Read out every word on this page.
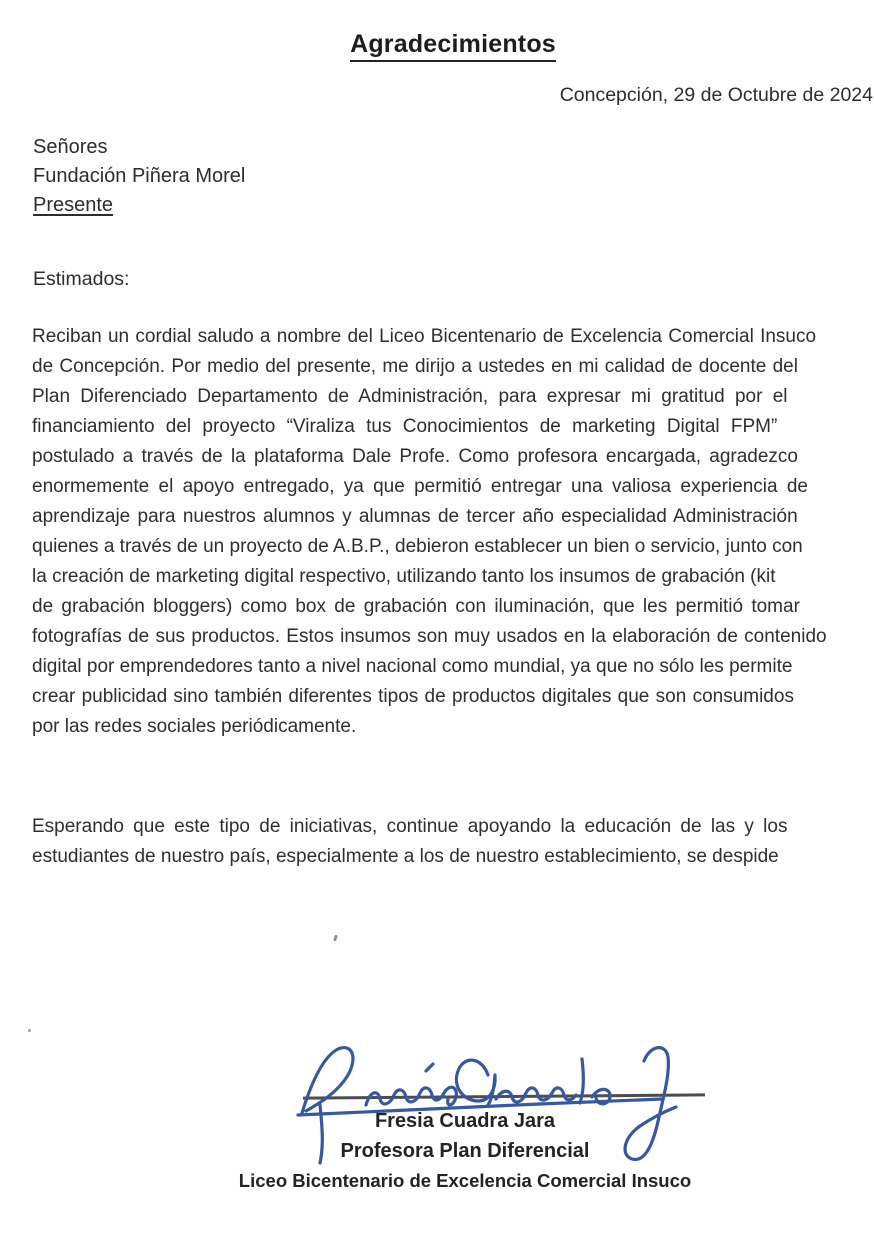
Agradecimientos
Concepción, 29 de Octubre de 2024
Señores
Fundación Piñera Morel
Presente
Estimados:
Reciban un cordial saludo a nombre del Liceo Bicentenario de Excelencia Comercial Insuco
de Concepción. Por medio del presente, me dirijo a ustedes en mi calidad de docente del
Plan Diferenciado Departamento de Administración, para expresar mi gratitud por el
financiamiento del proyecto “Viraliza tus Conocimientos de marketing Digital FPM”
postulado a través de la plataforma Dale Profe. Como profesora encargada, agradezco
enormemente el apoyo entregado, ya que permitió entregar una valiosa experiencia de
aprendizaje para nuestros alumnos y alumnas de tercer año especialidad Administración
quienes a través de un proyecto de A.B.P., debieron establecer un bien o servicio, junto con
la creación de marketing digital respectivo, utilizando tanto los insumos de grabación (kit
de grabación bloggers) como box de grabación con iluminación, que les permitió tomar
fotografías de sus productos. Estos insumos son muy usados en la elaboración de contenido
digital por emprendedores tanto a nivel nacional como mundial, ya que no sólo les permite
crear publicidad sino también diferentes tipos de productos digitales que son consumidos
por las redes sociales periódicamente.
Esperando que este tipo de iniciativas, continue apoyando la educación de las y los
estudiantes de nuestro país, especialmente a los de nuestro establecimiento, se despide
Fresia Cuadra Jara
Profesora Plan Diferencial
Liceo Bicentenario de Excelencia Comercial Insuco
